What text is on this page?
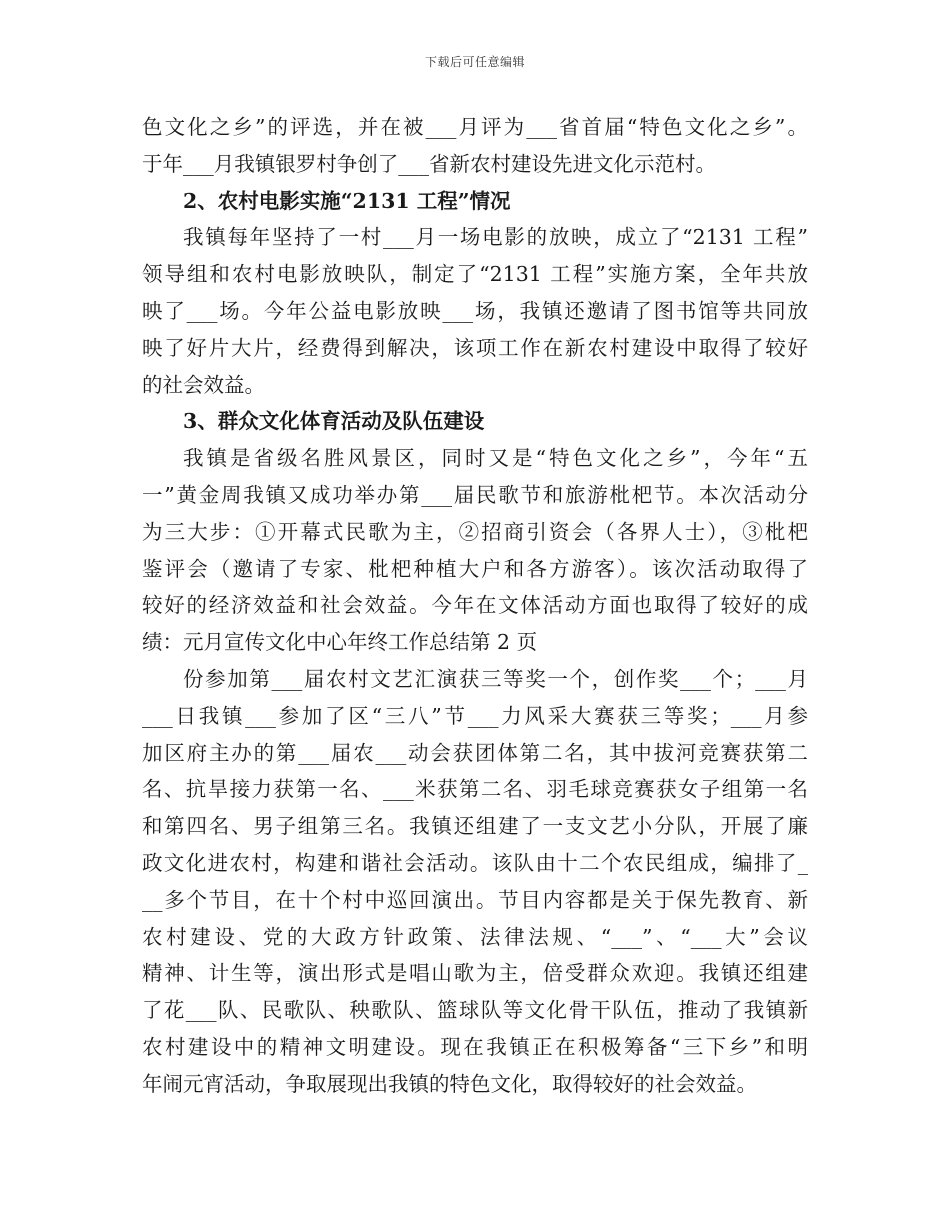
下载后可任意编辑
色文化之乡”的评选，并在被___月评为___省首届“特色文化之乡”。
于年___月我镇银罗村争创了___省新农村建设先进文化示范村。
2、农村电影实施“2131 工程”情况
我镇每年坚持了一村___月一场电影的放映，成立了“2131 工程”
领导组和农村电影放映队，制定了“2131 工程”实施方案，全年共放
映了___场。今年公益电影放映___场，我镇还邀请了图书馆等共同放
映了好片大片，经费得到解决，该项工作在新农村建设中取得了较好
的社会效益。
3、群众文化体育活动及队伍建设
我镇是省级名胜风景区，同时又是“特色文化之乡”，今年“五
一”黄金周我镇又成功举办第___届民歌节和旅游枇杷节。本次活动分
为三大步：①开幕式民歌为主，②招商引资会（各界人士），③枇杷
鉴评会（邀请了专家、枇杷种植大户和各方游客）。该次活动取得了
较好的经济效益和社会效益。今年在文体活动方面也取得了较好的成
绩：元月宣传文化中心年终工作总结第 2 页
份参加第___届农村文艺汇演获三等奖一个，创作奖___个；___月
___日我镇___参加了区“三八”节___力风采大赛获三等奖；___月参
加区府主办的第___届农___动会获团体第二名，其中拔河竞赛获第二
名、抗旱接力获第一名、___米获第二名、羽毛球竞赛获女子组第一名
和第四名、男子组第三名。我镇还组建了一支文艺小分队，开展了廉
政文化进农村，构建和谐社会活动。该队由十二个农民组成，编排了_
__多个节目，在十个村中巡回演出。节目内容都是关于保先教育、新
农村建设、党的大政方针政策、法律法规、“___”、“___大”会议
精神、计生等，演出形式是唱山歌为主，倍受群众欢迎。我镇还组建
了花___队、民歌队、秧歌队、篮球队等文化骨干队伍，推动了我镇新
农村建设中的精神文明建设。现在我镇正在积极筹备“三下乡”和明
年闹元宵活动，争取展现出我镇的特色文化，取得较好的社会效益。
